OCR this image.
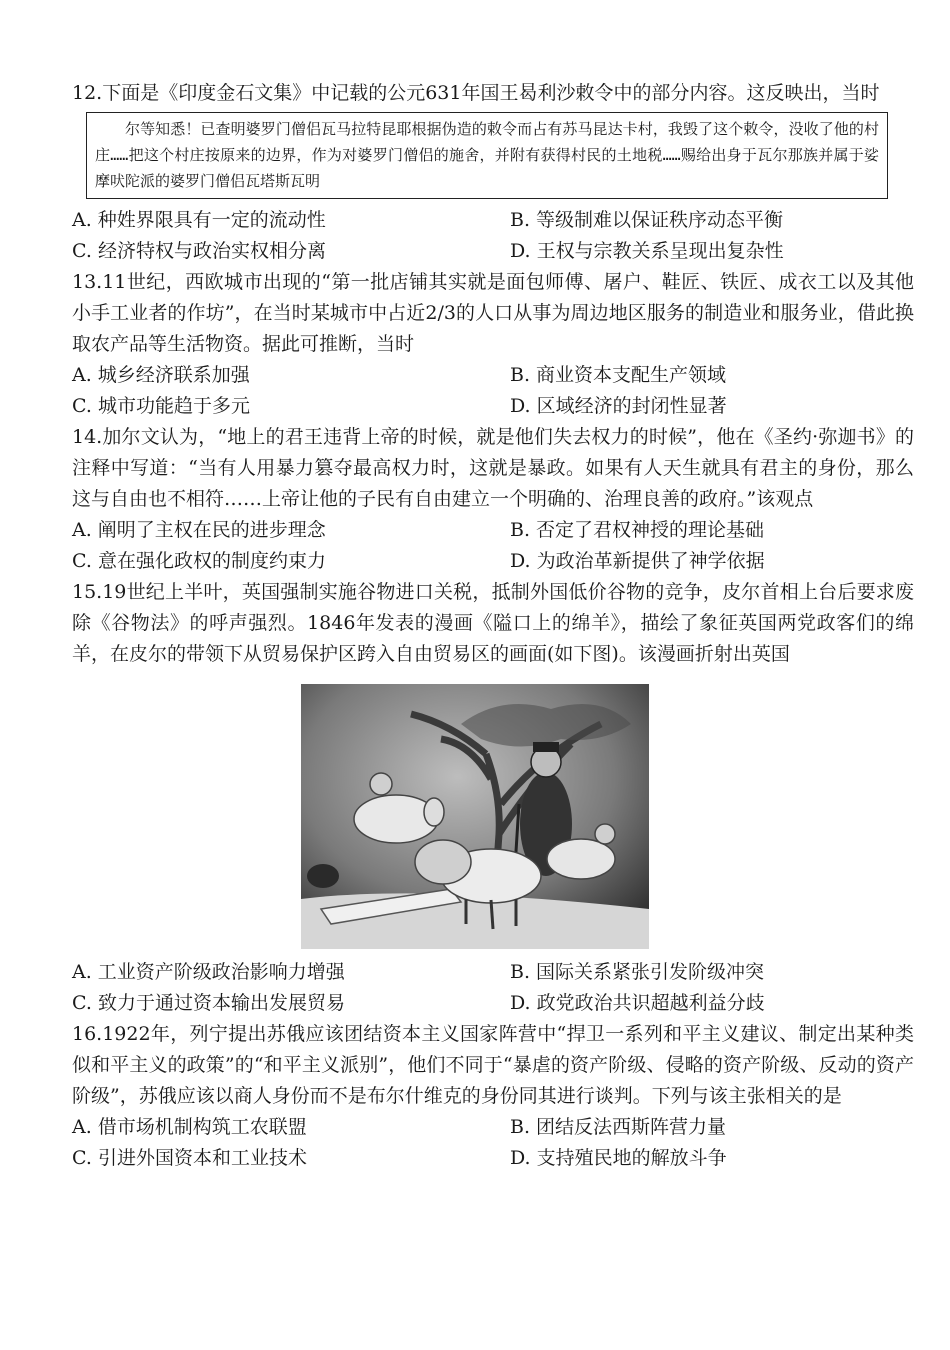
12.下面是《印度金石文集》中记载的公元631年国王曷利沙敕令中的部分内容。这反映出，当时

尔等知悉！已查明婆罗门僧侣瓦马拉特昆耶根据伪造的敕令而占有苏马昆达卡村，我毁了这个敕令，没收了他的村庄……把这个村庄按原来的边界，作为对婆罗门僧侣的施舍，并附有获得村民的土地税……赐给出身于瓦尔那族并属于娑摩吠陀派的婆罗门僧侣瓦塔斯瓦明
A. 种姓界限具有一定的流动性	B. 等级制难以保证秩序动态平衡
C. 经济特权与政治实权相分离	D. 王权与宗教关系呈现出复杂性

13.11世纪，西欧城市出现的“第一批店铺其实就是面包师傅、屠户、鞋匠、铁匠、成衣工以及其他小手工业者的作坊”，在当时某城市中占近2/3的人口从事为周边地区服务的制造业和服务业，借此换取农产品等生活物资。据此可推断，当时

A. 城乡经济联系加强	B. 商业资本支配生产领域
C. 城市功能趋于多元	D. 区域经济的封闭性显著

14.加尔文认为，“地上的君王违背上帝的时候，就是他们失去权力的时候”，他在《圣约·弥迦书》的注释中写道：“当有人用暴力篡夺最高权力时，这就是暴政。如果有人天生就具有君主的身份，那么这与自由也不相符……上帝让他的子民有自由建立一个明确的、治理良善的政府。”该观点

A. 阐明了主权在民的进步理念	B. 否定了君权神授的理论基础
C. 意在强化政权的制度约束力	D. 为政治革新提供了神学依据

15.19世纪上半叶，英国强制实施谷物进口关税，抵制外国低价谷物的竞争，皮尔首相上台后要求废除《谷物法》的呼声强烈。1846年发表的漫画《隘口上的绵羊》，描绘了象征英国两党政客们的绵羊，在皮尔的带领下从贸易保护区跨入自由贸易区的画面(如下图)。该漫画折射出英国

A. 工业资产阶级政治影响力增强	B. 国际关系紧张引发阶级冲突
C. 致力于通过资本输出发展贸易	D. 政党政治共识超越利益分歧

16.1922年，列宁提出苏俄应该团结资本主义国家阵营中“捍卫一系列和平主义建议、制定出某种类似和平主义的政策”的“和平主义派别”，他们不同于“暴虐的资产阶级、侵略的资产阶级、反动的资产阶级”，苏俄应该以商人身份而不是布尔什维克的身份同其进行谈判。下列与该主张相关的是

A. 借市场机制构筑工农联盟	B. 团结反法西斯阵营力量
C. 引进外国资本和工业技术	D. 支持殖民地的解放斗争
